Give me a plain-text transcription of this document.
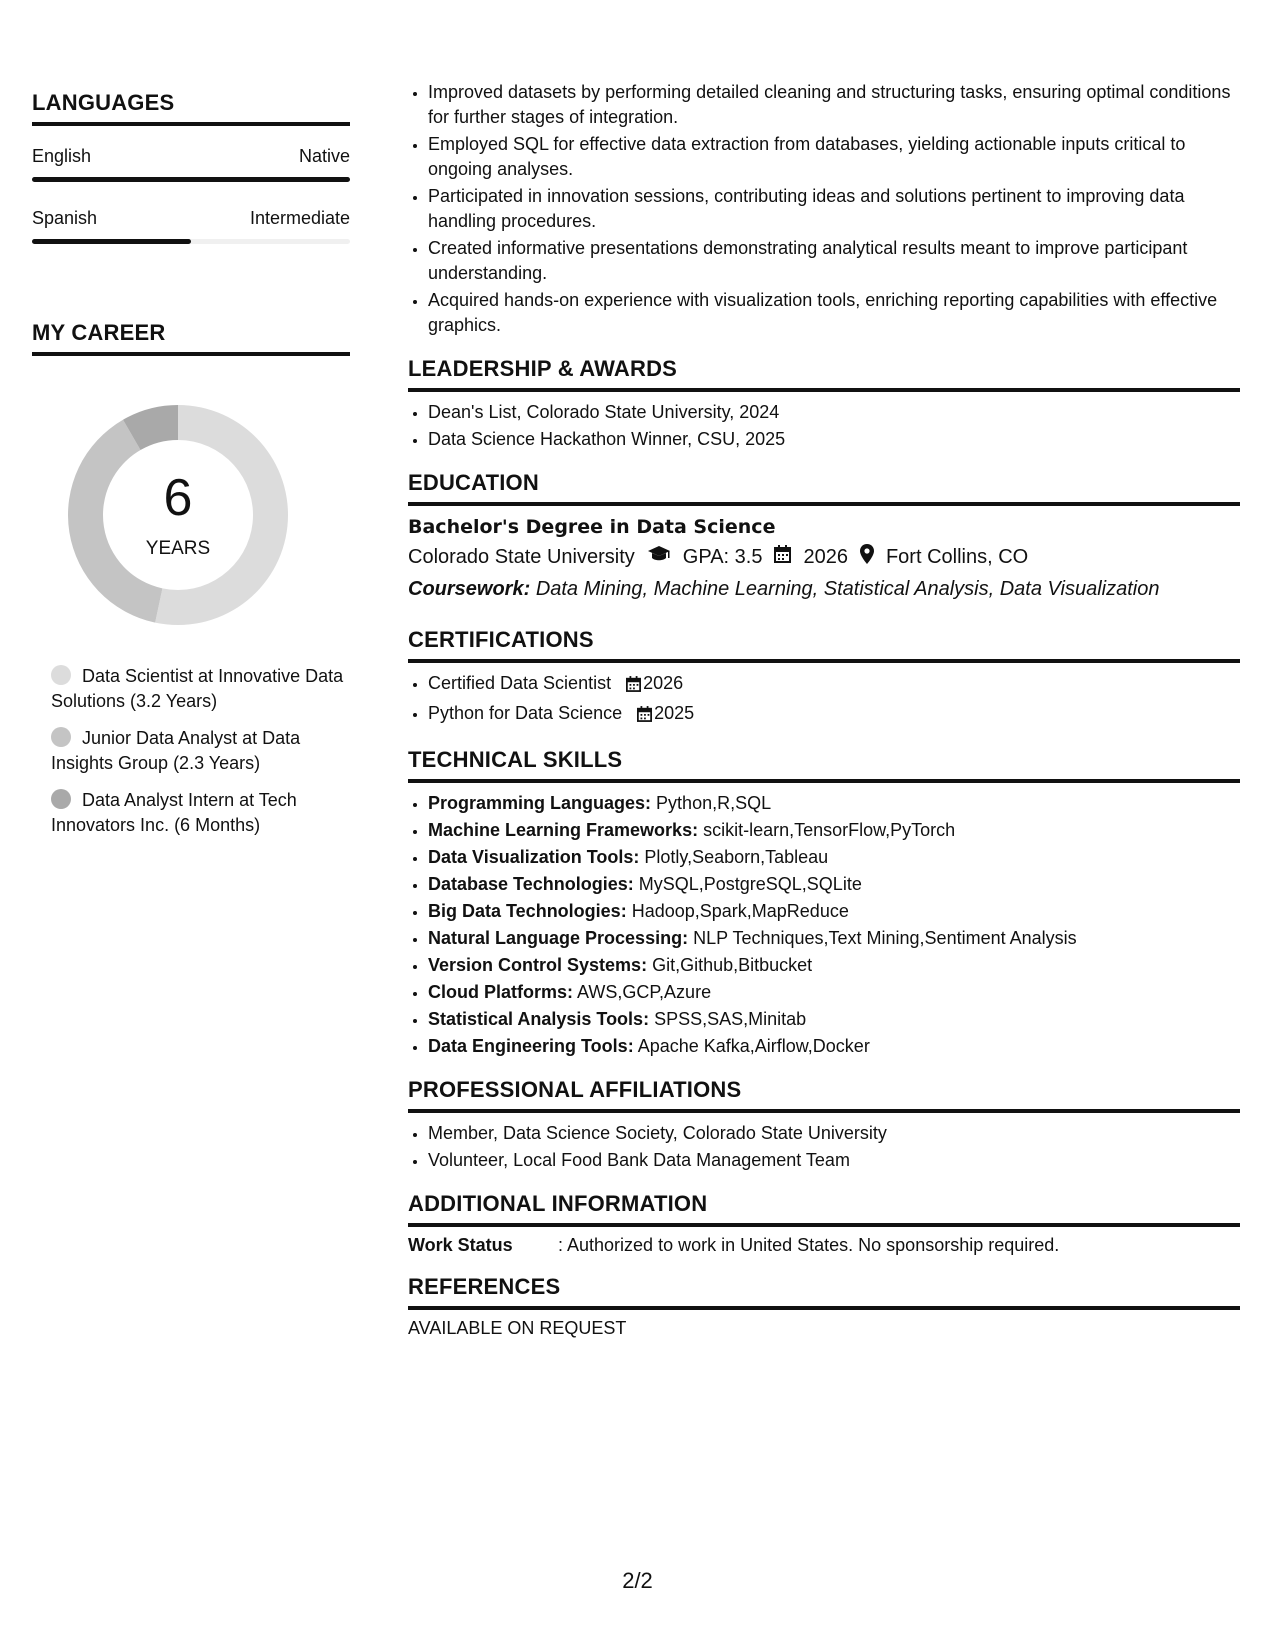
LANGUAGES
English	Native
Spanish	Intermediate
MY CAREER
6
YEARS
Data Scientist at Innovative Data Solutions (3.2 Years)
Junior Data Analyst at Data Insights Group (2.3 Years)
Data Analyst Intern at Tech Innovators Inc. (6 Months)
• Improved datasets by performing detailed cleaning and structuring tasks, ensuring optimal conditions for further stages of integration.
• Employed SQL for effective data extraction from databases, yielding actionable inputs critical to ongoing analyses.
• Participated in innovation sessions, contributing ideas and solutions pertinent to improving data handling procedures.
• Created informative presentations demonstrating analytical results meant to improve participant understanding.
• Acquired hands-on experience with visualization tools, enriching reporting capabilities with effective graphics.
LEADERSHIP & AWARDS
• Dean's List, Colorado State University, 2024
• Data Science Hackathon Winner, CSU, 2025
EDUCATION
Bachelor's Degree in Data Science
Colorado State University GPA: 3.5 2026 Fort Collins, CO
Coursework: Data Mining, Machine Learning, Statistical Analysis, Data Visualization
CERTIFICATIONS
• Certified Data Scientist 2026
• Python for Data Science 2025
TECHNICAL SKILLS
• Programming Languages: Python,R,SQL
• Machine Learning Frameworks: scikit-learn,TensorFlow,PyTorch
• Data Visualization Tools: Plotly,Seaborn,Tableau
• Database Technologies: MySQL,PostgreSQL,SQLite
• Big Data Technologies: Hadoop,Spark,MapReduce
• Natural Language Processing: NLP Techniques,Text Mining,Sentiment Analysis
• Version Control Systems: Git,Github,Bitbucket
• Cloud Platforms: AWS,GCP,Azure
• Statistical Analysis Tools: SPSS,SAS,Minitab
• Data Engineering Tools: Apache Kafka,Airflow,Docker
PROFESSIONAL AFFILIATIONS
• Member, Data Science Society, Colorado State University
• Volunteer, Local Food Bank Data Management Team
ADDITIONAL INFORMATION
Work Status	: Authorized to work in United States. No sponsorship required.
REFERENCES
AVAILABLE ON REQUEST
2/2
